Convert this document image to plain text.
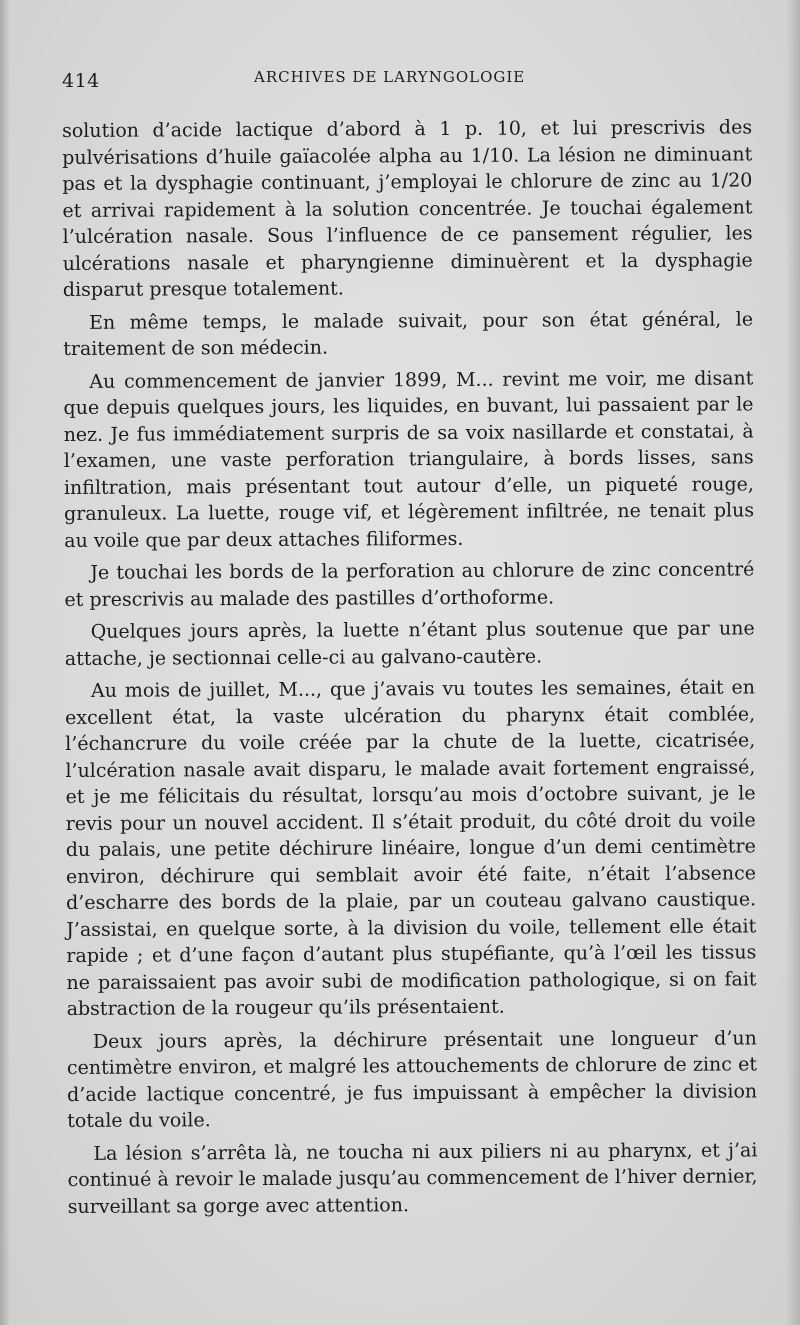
414	ARCHIVES DE LARYNGOLOGIE

solution d’acide lactique d’abord à 1 p. 10, et lui prescrivis des pulvérisations d’huile gaïacolée alpha au 1/10. La lésion ne diminuant pas et la dysphagie continuant, j’employai le chlorure de zinc au 1/20 et arrivai rapidement à la solution concentrée. Je touchai également l’ulcération nasale. Sous l’influence de ce pansement régulier, les ulcérations nasale et pharyngienne diminuèrent et la dysphagie disparut presque totalement.

En même temps, le malade suivait, pour son état général, le traitement de son médecin.

Au commencement de janvier 1899, M... revint me voir, me disant que depuis quelques jours, les liquides, en buvant, lui passaient par le nez. Je fus immédiatement surpris de sa voix nasillarde et constatai, à l’examen, une vaste perforation triangulaire, à bords lisses, sans infiltration, mais présentant tout autour d’elle, un piqueté rouge, granuleux. La luette, rouge vif, et légèrement infiltrée, ne tenait plus au voile que par deux attaches filiformes.

Je touchai les bords de la perforation au chlorure de zinc concentré et prescrivis au malade des pastilles d’orthoforme.

Quelques jours après, la luette n’étant plus soutenue que par une attache, je sectionnai celle-ci au galvano-cautère.

Au mois de juillet, M..., que j’avais vu toutes les semaines, était en excellent état, la vaste ulcération du pharynx était comblée, l’échancrure du voile créée par la chute de la luette, cicatrisée, l’ulcération nasale avait disparu, le malade avait fortement engraissé, et je me félicitais du résultat, lorsqu’au mois d’octobre suivant, je le revis pour un nouvel accident. Il s’était produit, du côté droit du voile du palais, une petite déchirure linéaire, longue d’un demi centimètre environ, déchirure qui semblait avoir été faite, n’était l’absence d’escharre des bords de la plaie, par un couteau galvano caustique. J’assistai, en quelque sorte, à la division du voile, tellement elle était rapide ; et d’une façon d’autant plus stupéfiante, qu’à l’œil les tissus ne paraissaient pas avoir subi de modification pathologique, si on fait abstraction de la rougeur qu’ils présentaient.

Deux jours après, la déchirure présentait une longueur d’un centimètre environ, et malgré les attouchements de chlorure de zinc et d’acide lactique concentré, je fus impuissant à empêcher la division totale du voile.

La lésion s’arrêta là, ne toucha ni aux piliers ni au pharynx, et j’ai continué à revoir le malade jusqu’au commencement de l’hiver dernier, surveillant sa gorge avec attention.
